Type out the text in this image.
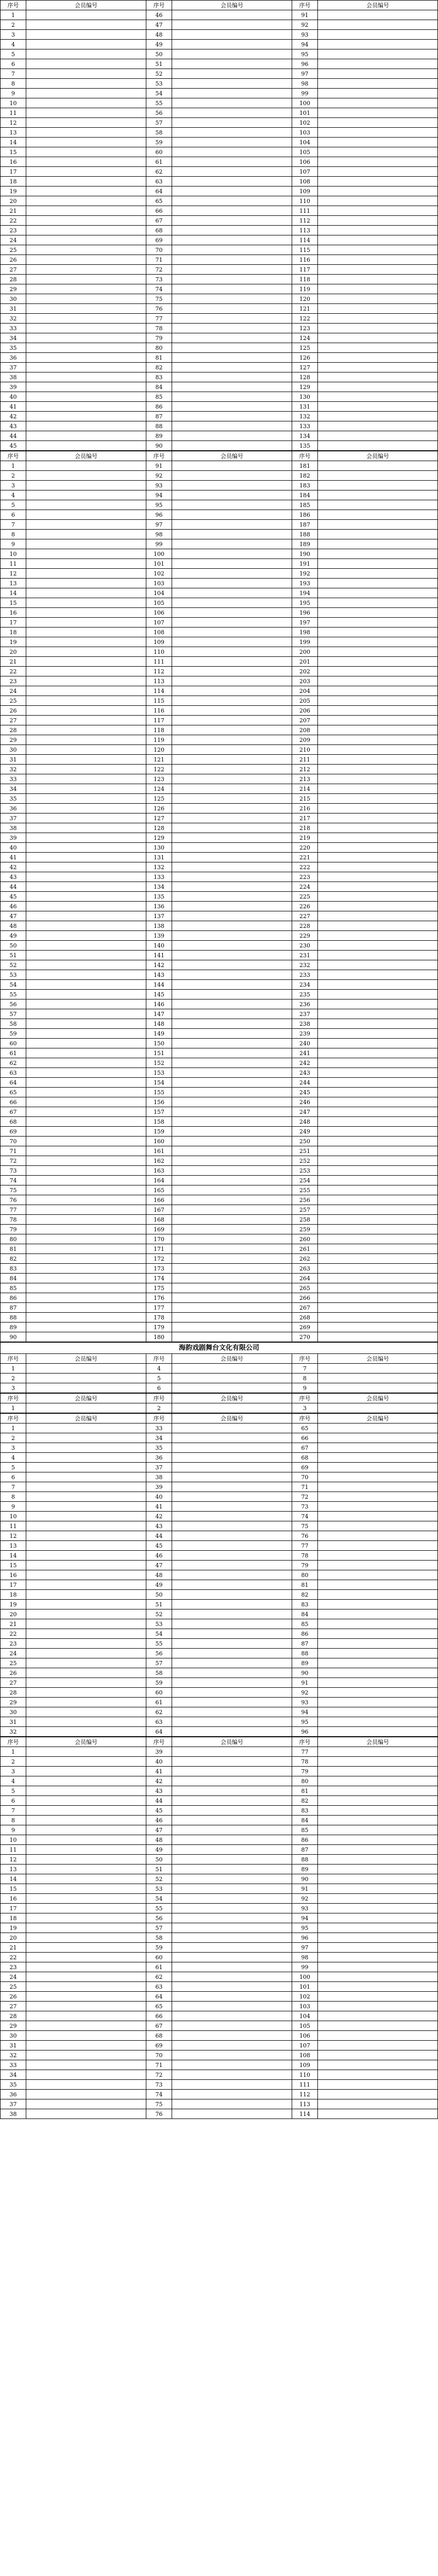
序号	会员编号	序号	会员编号	序号	会员编号
1		46		91	
2		47		92	
3		48		93	
4		49		94	
5		50		95	
6		51		96	
7		52		97	
8		53		98	
9		54		99	
10		55		100	
11		56		101	
12		57		102	
13		58		103	
14		59		104	
15		60		105	
16		61		106	
17		62		107	
18		63		108	
19		64		109	
20		65		110	
21		66		111	
22		67		112	
23		68		113	
24		69		114	
25		70		115	
26		71		116	
27		72		117	
28		73		118	
29		74		119	
30		75		120	
31		76		121	
32		77		122	
33		78		123	
34		79		124	
35		80		125	
36		81		126	
37		82		127	
38		83		128	
39		84		129	
40		85		130	
41		86		131	
42		87		132	
43		88		133	
44		89		134	
45		90		135	
序号	会员编号	序号	会员编号	序号	会员编号
1		91		181	
2		92		182	
3		93		183	
4		94		184	
5		95		185	
6		96		186	
7		97		187	
8		98		188	
9		99		189	
10		100		190	
11		101		191	
12		102		192	
13		103		193	
14		104		194	
15		105		195	
16		106		196	
17		107		197	
18		108		198	
19		109		199	
20		110		200	
21		111		201	
22		112		202	
23		113		203	
24		114		204	
25		115		205	
26		116		206	
27		117		207	
28		118		208	
29		119		209	
30		120		210	
31		121		211	
32		122		212	
33		123		213	
34		124		214	
35		125		215	
36		126		216	
37		127		217	
38		128		218	
39		129		219	
40		130		220	
41		131		221	
42		132		222	
43		133		223	
44		134		224	
45		135		225	
46		136		226	
47		137		227	
48		138		228	
49		139		229	
50		140		230	
51		141		231	
52		142		232	
53		143		233	
54		144		234	
55		145		235	
56		146		236	
57		147		237	
58		148		238	
59		149		239	
60		150		240	
61		151		241	
62		152		242	
63		153		243	
64		154		244	
65		155		245	
66		156		246	
67		157		247	
68		158		248	
69		159		249	
70		160		250	
71		161		251	
72		162		252	
73		163		253	
74		164		254	
75		165		255	
76		166		256	
77		167		257	
78		168		258	
79		169		259	
80		170		260	
81		171		261	
82		172		262	
83		173		263	
84		174		264	
85		175		265	
86		176		266	
87		177		267	
88		178		268	
89		179		269	
90		180		270	
海韵戏剧舞台文化有限公司
序号	会员编号	序号	会员编号	序号	会员编号
1		4		7	
2		5		8	
3		6		9	
序号	会员编号	序号	会员编号	序号	会员编号
1		2		3	
序号	会员编号	序号	会员编号	序号	会员编号
1		33		65	
2		34		66	
3		35		67	
4		36		68	
5		37		69	
6		38		70	
7		39		71	
8		40		72	
9		41		73	
10		42		74	
11		43		75	
12		44		76	
13		45		77	
14		46		78	
15		47		79	
16		48		80	
17		49		81	
18		50		82	
19		51		83	
20		52		84	
21		53		85	
22		54		86	
23		55		87	
24		56		88	
25		57		89	
26		58		90	
27		59		91	
28		60		92	
29		61		93	
30		62		94	
31		63		95	
32		64		96	
序号	会员编号	序号	会员编号	序号	会员编号
1		39		77	
2		40		78	
3		41		79	
4		42		80	
5		43		81	
6		44		82	
7		45		83	
8		46		84	
9		47		85	
10		48		86	
11		49		87	
12		50		88	
13		51		89	
14		52		90	
15		53		91	
16		54		92	
17		55		93	
18		56		94	
19		57		95	
20		58		96	
21		59		97	
22		60		98	
23		61		99	
24		62		100	
25		63		101	
26		64		102	
27		65		103	
28		66		104	
29		67		105	
30		68		106	
31		69		107	
32		70		108	
33		71		109	
34		72		110	
35		73		111	
36		74		112	
37		75		113	
38		76		114	
